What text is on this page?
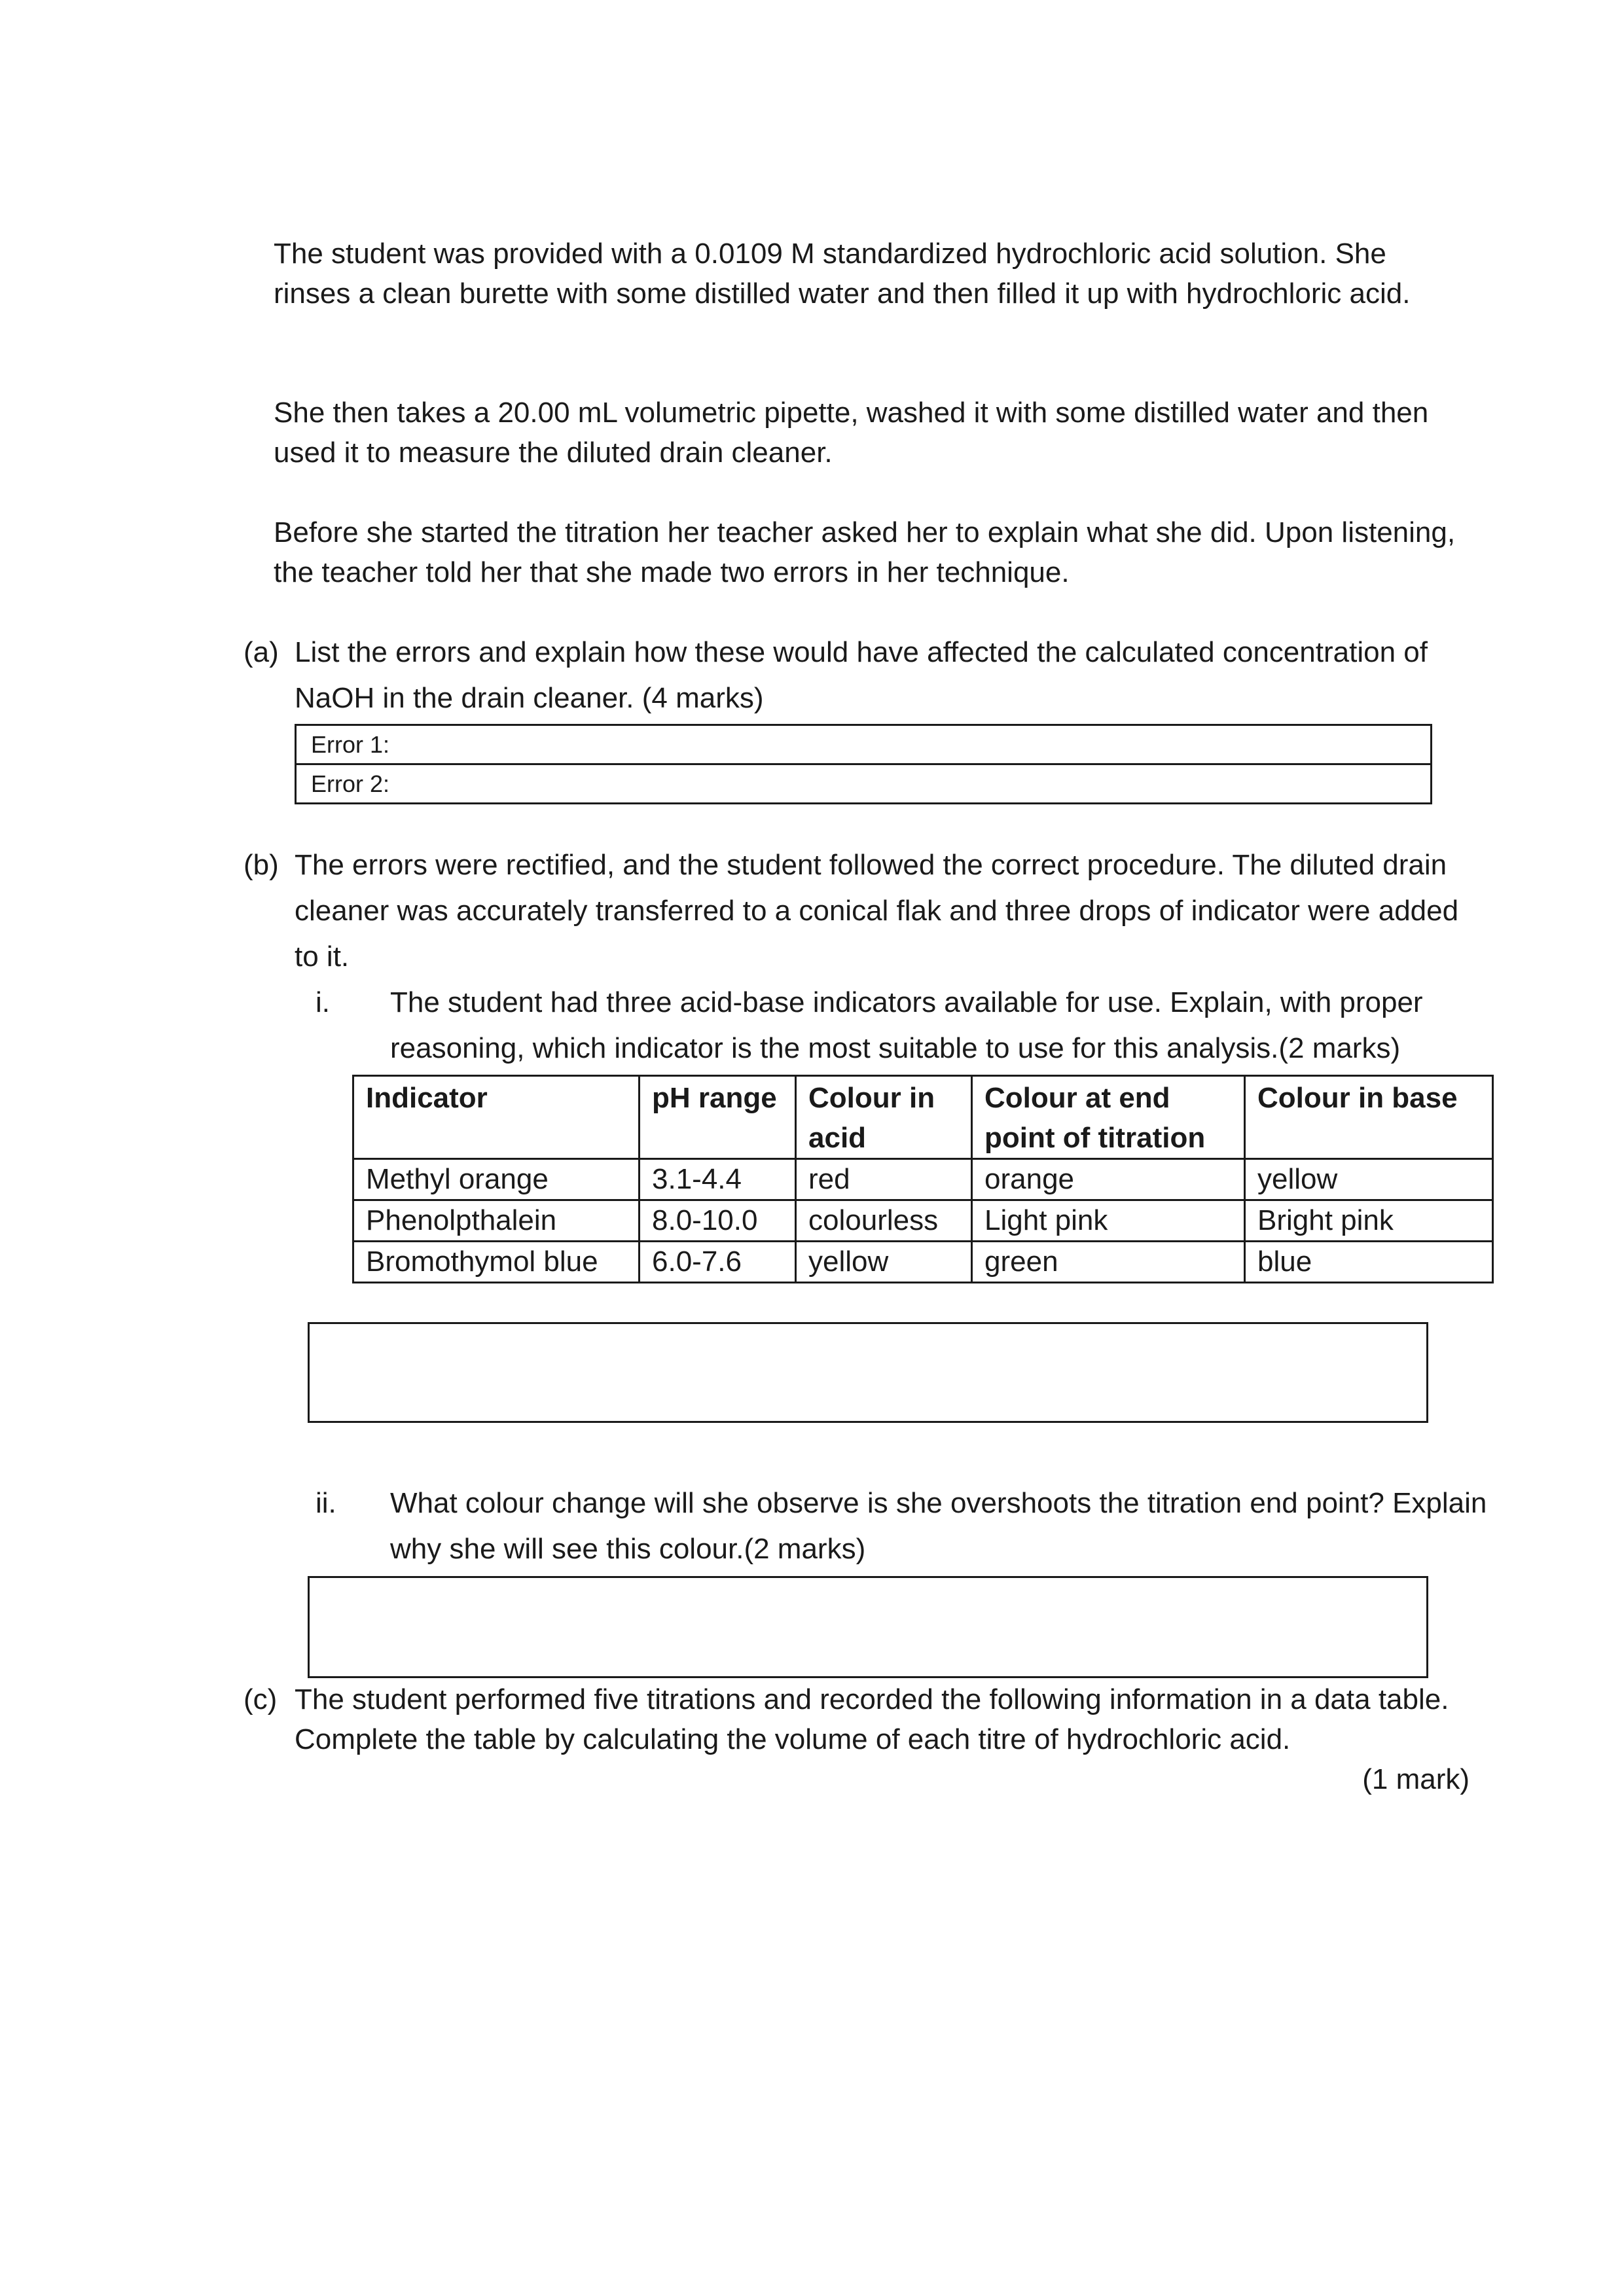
The student was provided with a 0.0109 M standardized hydrochloric acid solution. She rinses a clean burette with some distilled water and then filled it up with hydrochloric acid.

She then takes a 20.00 mL volumetric pipette, washed it with some distilled water and then used it to measure the diluted drain cleaner.

Before she started the titration her teacher asked her to explain what she did. Upon listening, the teacher told her that she made two errors in her technique.

(a) List the errors and explain how these would have affected the calculated concentration of NaOH in the drain cleaner. (4 marks)

Error 1:
Error 2:
(b) The errors were rectified, and the student followed the correct procedure. The diluted drain cleaner was accurately transferred to a conical flak and three drops of indicator were added to it.

i. The student had three acid-base indicators available for use. Explain, with proper reasoning, which indicator is the most suitable to use for this analysis.(2 marks)

Indicator	pH range	Colour in acid	Colour at end point of titration	Colour in base
Methyl orange	3.1-4.4	red	orange	yellow
Phenolpthalein	8.0-10.0	colourless	Light pink	Bright pink
Bromothymol blue	6.0-7.6	yellow	green	blue
ii. What colour change will she observe is she overshoots the titration end point? Explain why she will see this colour.(2 marks)

(c) The student performed five titrations and recorded the following information in a data table. Complete the table by calculating the volume of each titre of hydrochloric acid.

(1 mark)
